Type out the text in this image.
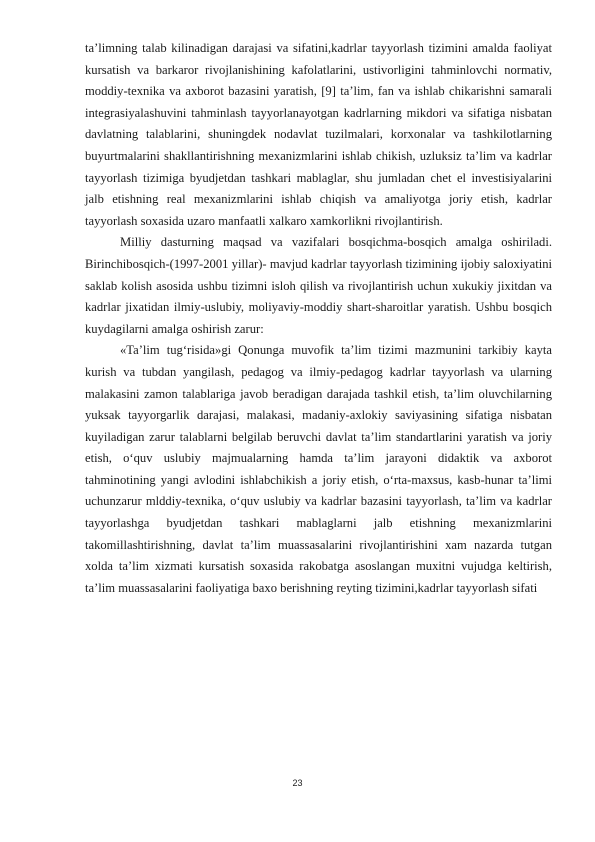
ta’limning talab kilinadigan darajasi va sifatini,kadrlar tayyorlash tizimini amalda faoliyat kursatish va barkaror rivojlanishining kafolatlarini, ustivorligini tahminlovchi normativ, moddiy-texnika va axborot bazasini yaratish, [9] ta’lim, fan va ishlab chikarishni samarali integrasiyalashuvini tahminlash tayyorlanayotgan kadrlarning mikdori va sifatiga nisbatan davlatning talablarini, shuningdek nodavlat tuzilmalari, korxonalar va tashkilotlarning buyurtmalarini shakllantirishning mexanizmlarini ishlab chikish, uzluksiz ta’lim va kadrlar tayyorlash tizimiga byudjetdan tashkari mablaglar, shu jumladan chet el investisiyalarini jalb etishning real mexanizmlarini ishlab chiqish va amaliyotga joriy etish, kadrlar tayyorlash soxasida uzaro manfaatli xalkaro xamkorlikni rivojlantirish.

Milliy dasturning maqsad va vazifalari bosqichma-bosqich amalga oshiriladi. Birinchibosqich-(1997-2001 yillar)- mavjud kadrlar tayyorlash tizimining ijobiy saloxiyatini saklab kolish asosida ushbu tizimni isloh qilish va rivojlantirish uchun xukukiy jixitdan va kadrlar jixatidan ilmiy-uslubiy, moliyaviy-moddiy shart-sharoitlar yaratish. Ushbu bosqich kuydagilarni amalga oshirish zarur:

«Ta’lim tug‘risida»gi Qonunga muvofik ta’lim tizimi mazmunini tarkibiy kayta kurish va tubdan yangilash, pedagog va ilmiy-pedagog kadrlar tayyorlash va ularning malakasini zamon talablariga javob beradigan darajada tashkil etish, ta’lim oluvchilarning yuksak tayyorgarlik darajasi, malakasi, madaniy-axlokiy saviyasining sifatiga nisbatan kuyiladigan zarur talablarni belgilab beruvchi davlat ta’lim standartlarini yaratish va joriy etish, o‘quv uslubiy majmualarning hamda ta’lim jarayoni didaktik va axborot tahminotining yangi avlodini ishlabchikish a joriy etish, o‘rta-maxsus, kasb-hunar ta’limi uchunzarur mlddiy-texnika, o‘quv uslubiy va kadrlar bazasini tayyorlash, ta’lim va kadrlar tayyorlashga byudjetdan tashkari mablaglarni jalb etishning mexanizmlarini takomillashtirishning, davlat ta’lim muassasalarini rivojlantirishini xam nazarda tutgan xolda ta’lim xizmati kursatish soxasida rakobatga asoslangan muxitni vujudga keltirish, ta’lim muassasalarini faoliyatiga baxo berishning reyting tizimini,kadrlar tayyorlash sifati

23
